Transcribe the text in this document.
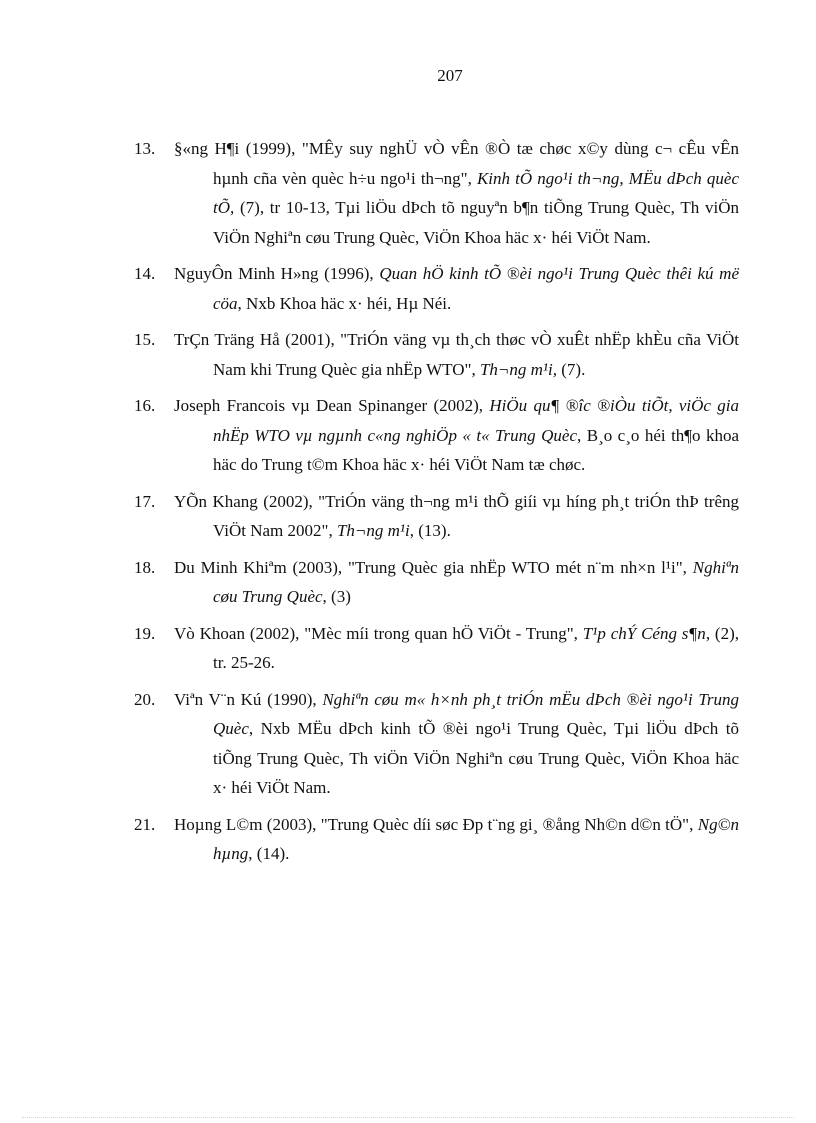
207
13.	§«ng H¶i (1999), "MÊy suy nghÜ vÒ vÊn ®Ò tæ chøc x©y dùng c¬ cÊu vÊn hµnh cña vèn quèc h÷u ngo¹i th¬ng", Kinh tÕ ngo¹i th¬ng, MËu dÞch quèc tÕ, (7), tr 10-13, Tµi liÖu dÞch tõ nguyªn b¶n tiÕng Trung Quèc, Th viÖn ViÖn Nghiªn cøu Trung Quèc, ViÖn Khoa häc x· héi ViÖt Nam.
14.	NguyÔn Minh H»ng (1996), Quan hÖ kinh tÕ ®èi ngo¹i Trung Quèc thêi kú më cöa, Nxb Khoa häc x· héi, Hµ Néi.
15.	TrÇn Träng Hå (2001), "TriÓn väng vµ th¸ch thøc vÒ xuÊt nhËp khÈu cña ViÖt Nam khi Trung Quèc gia nhËp WTO", Th¬ng m¹i, (7).
16.	Joseph Francois vµ Dean Spinanger (2002), HiÖu qu¶ ®îc ®iÒu tiÕt, viÖc gia nhËp WTO vµ ngµnh c«ng nghiÖp « t« Trung Quèc, B¸o c¸o héi th¶o khoa häc do Trung t©m Khoa häc x· héi ViÖt Nam tæ chøc.
17.	YÕn Khang (2002), "TriÓn väng th¬ng m¹i thÕ giíi vµ híng ph¸t triÓn thÞ trêng ViÖt Nam 2002", Th¬ng m¹i, (13).
18.	Du Minh Khiªm (2003), "Trung Quèc gia nhËp WTO mét n¨m nh×n l¹i", Nghiªn cøu Trung Quèc, (3)
19.	Vò Khoan (2002), "Mèc míi trong quan hÖ ViÖt - Trung", T¹p chÝ Céng s¶n, (2), tr. 25-26.
20.	Viªn V¨n Kú (1990), Nghiªn cøu m« h×nh ph¸t triÓn mËu dÞch ®èi ngo¹i Trung Quèc, Nxb MËu dÞch kinh tÕ ®èi ngo¹i Trung Quèc, Tµi liÖu dÞch tõ tiÕng Trung Quèc, Th viÖn ViÖn Nghiªn cøu Trung Quèc, ViÖn Khoa häc x· héi ViÖt Nam.
21.	Hoµng L©m (2003), "Trung Quèc díi søc Ðp t¨ng gi¸ ®ång Nh©n d©n tÖ", Ng©n hµng, (14).
